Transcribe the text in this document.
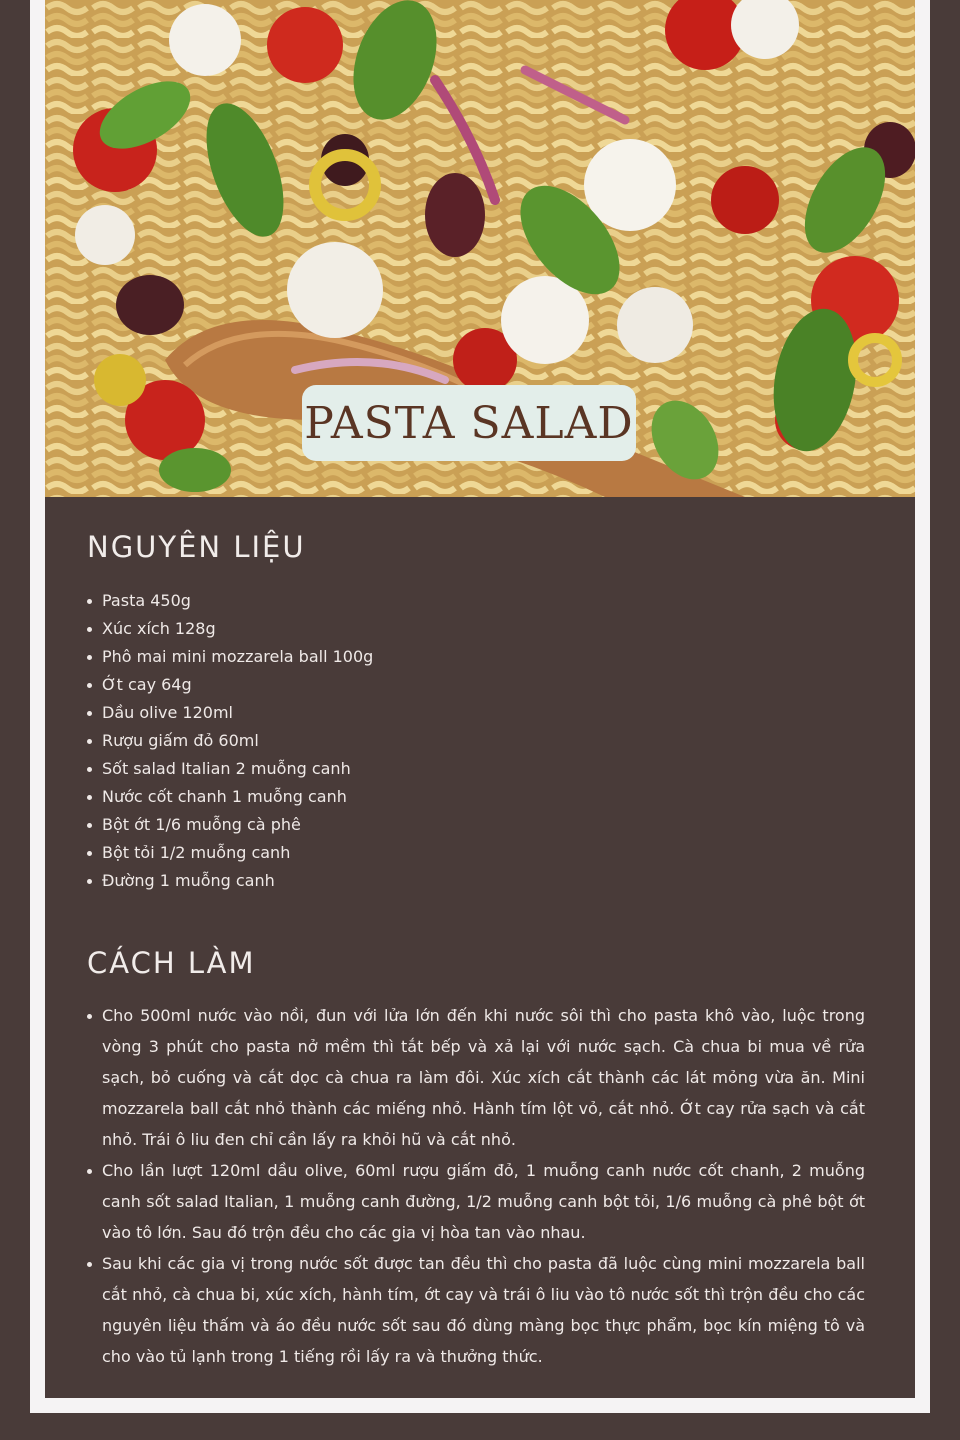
PASTA SALAD
NGUYÊN LIỆU
Pasta 450g
Xúc xích 128g
Phô mai mini mozzarela ball 100g
Ớt cay 64g
Dầu olive 120ml
Rượu giấm đỏ 60ml
Sốt salad Italian 2 muỗng canh
Nước cốt chanh 1 muỗng canh
Bột ớt 1/6 muỗng cà phê
Bột tỏi 1/2 muỗng canh
Đường 1 muỗng canh
CÁCH LÀM
Cho 500ml nước vào nồi, đun với lửa lớn đến khi nước sôi thì cho pasta khô vào, luộc trong vòng 3 phút cho pasta nở mềm thì tắt bếp và xả lại với nước sạch. Cà chua bi mua về rửa sạch, bỏ cuống và cắt dọc cà chua ra làm đôi. Xúc xích cắt thành các lát mỏng vừa ăn. Mini mozzarela ball cắt nhỏ thành các miếng nhỏ. Hành tím lột vỏ, cắt nhỏ. Ớt cay rửa sạch và cắt nhỏ. Trái ô liu đen chỉ cần lấy ra khỏi hũ và cắt nhỏ.
Cho lần lượt 120ml dầu olive, 60ml rượu giấm đỏ, 1 muỗng canh nước cốt chanh, 2 muỗng canh sốt salad Italian, 1 muỗng canh đường, 1/2 muỗng canh bột tỏi, 1/6 muỗng cà phê bột ớt vào tô lớn. Sau đó trộn đều cho các gia vị hòa tan vào nhau.
Sau khi các gia vị trong nước sốt được tan đều thì cho pasta đã luộc cùng mini mozzarela ball cắt nhỏ, cà chua bi, xúc xích, hành tím, ớt cay và trái ô liu vào tô nước sốt thì trộn đều cho các nguyên liệu thấm và áo đều nước sốt sau đó dùng màng bọc thực phẩm, bọc kín miệng tô và cho vào tủ lạnh trong 1 tiếng rồi lấy ra và thưởng thức.
